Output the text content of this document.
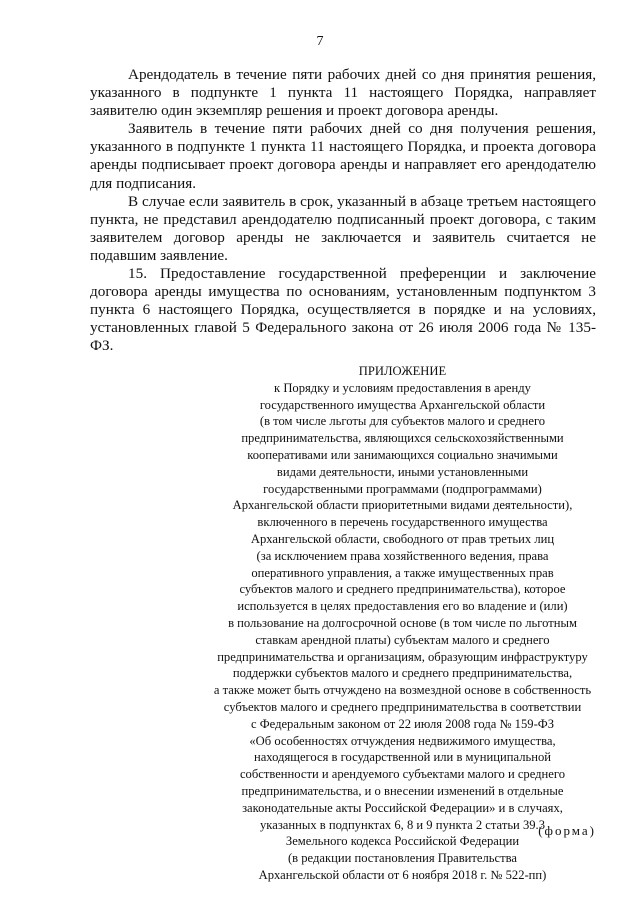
7

Арендодатель в течение пяти рабочих дней со дня принятия решения, указанного в подпункте 1 пункта 11 настоящего Порядка, направляет заявителю один экземпляр решения и проект договора аренды.

Заявитель в течение пяти рабочих дней со дня получения решения, указанного в подпункте 1 пункта 11 настоящего Порядка, и проекта договора аренды подписывает проект договора аренды и направляет его арендодателю для подписания.

В случае если заявитель в срок, указанный в абзаце третьем настоящего пункта, не представил арендодателю подписанный проект договора, с таким заявителем договор аренды не заключается и заявитель считается не подавшим заявление.

15. Предоставление государственной преференции и заключение договора аренды имущества по основаниям, установленным подпунктом 3 пункта 6 настоящего Порядка, осуществляется в порядке и на условиях, установленных главой 5 Федерального закона от 26 июля 2006 года № 135-ФЗ.

ПРИЛОЖЕНИЕ
к Порядку и условиям предоставления в аренду
государственного имущества Архангельской области
(в том числе льготы для субъектов малого и среднего
предпринимательства, являющихся сельскохозяйственными
кооперативами или занимающихся социально значимыми
видами деятельности, иными установленными
государственными программами (подпрограммами)
Архангельской области приоритетными видами деятельности),
включенного в перечень государственного имущества
Архангельской области, свободного от прав третьих лиц
(за исключением права хозяйственного ведения, права
оперативного управления, а также имущественных прав
субъектов малого и среднего предпринимательства), которое
используется в целях предоставления его во владение и (или)
в пользование на долгосрочной основе (в том числе по льготным
ставкам арендной платы) субъектам малого и среднего
предпринимательства и организациям, образующим инфраструктуру
поддержки субъектов малого и среднего предпринимательства,
а также может быть отчуждено на возмездной основе в собственность
субъектов малого и среднего предпринимательства в соответствии
с Федеральным законом от 22 июля 2008 года № 159-ФЗ
«Об особенностях отчуждения недвижимого имущества,
находящегося в государственной или в муниципальной
собственности и арендуемого субъектами малого и среднего
предпринимательства, и о внесении изменений в отдельные
законодательные акты Российской Федерации» и в случаях,
указанных в подпунктах 6, 8 и 9 пункта 2 статьи 39.3
Земельного кодекса Российской Федерации
(в редакции постановления Правительства
Архангельской области от 6 ноября 2018 г. № 522-пп)
(форма)
